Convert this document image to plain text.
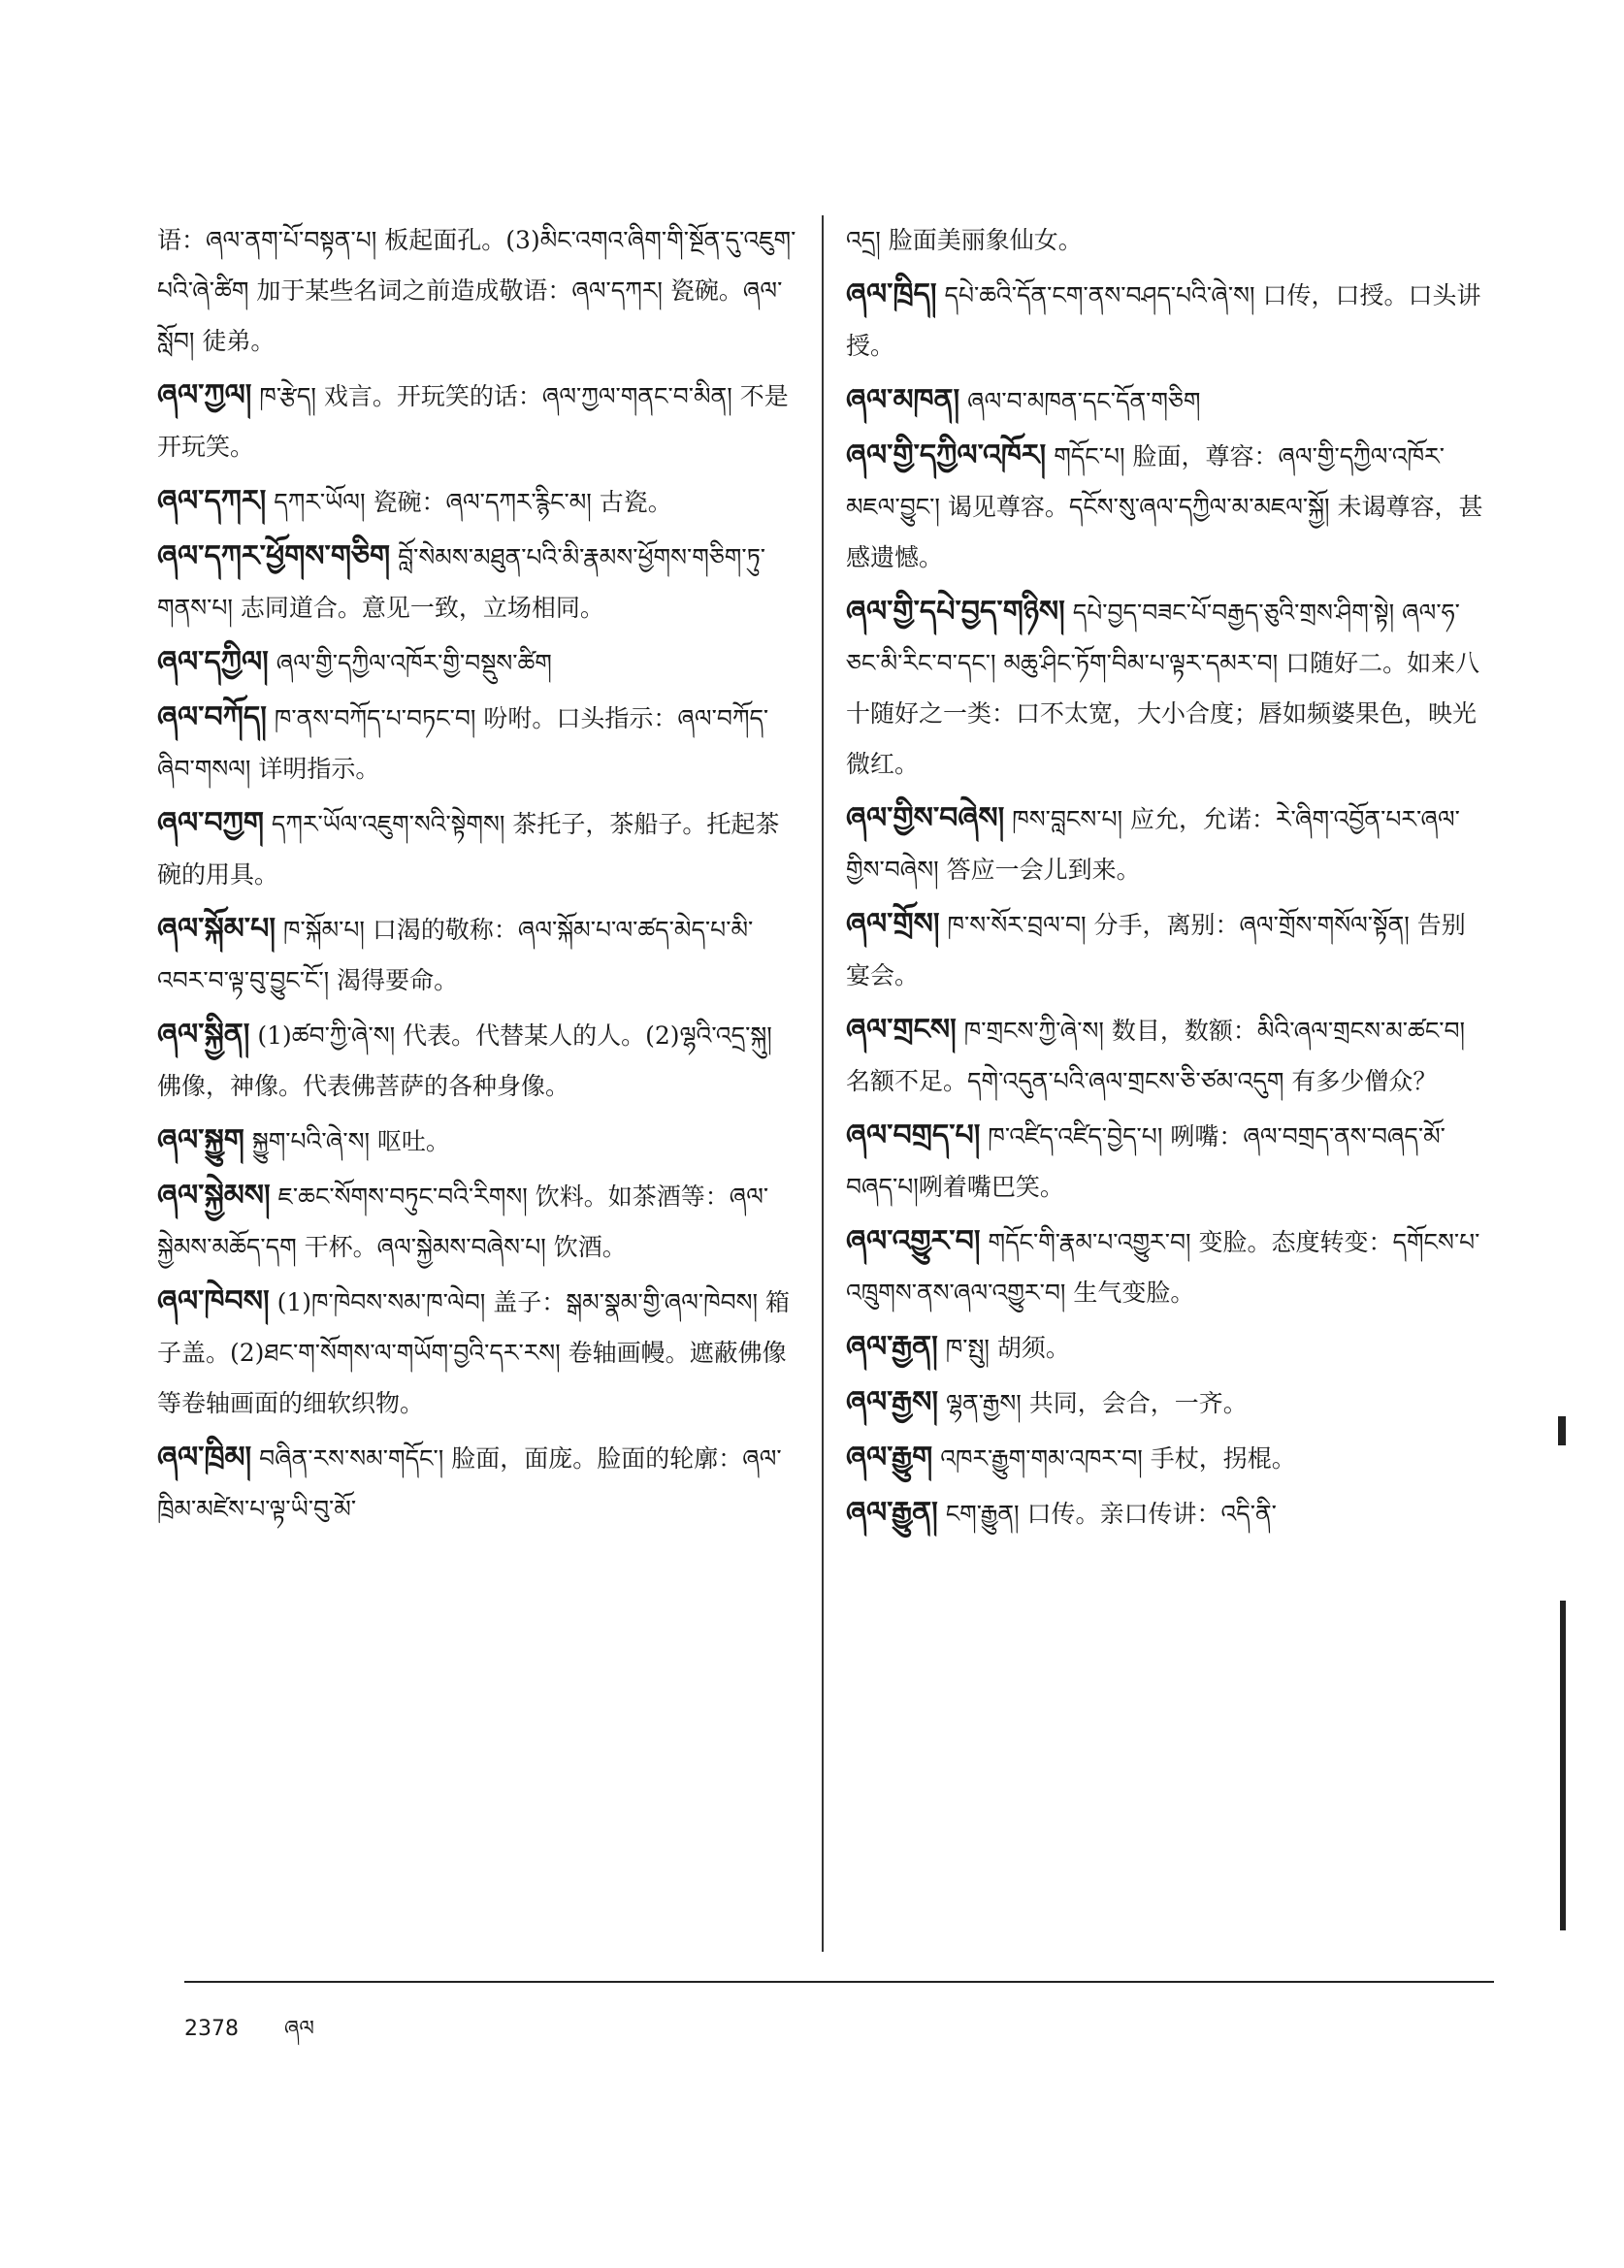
语：ཞལ་ནག་པོ་བསྟན་པ། 板起面孔。(3)མིང་འགའ་ཞིག་གི་སྔོན་དུ་འཇུག་པའི་ཞེ་ཚིག 加于某些名词之前造成敬语：ཞལ་དཀར། 瓷碗。ཞལ་སློབ། 徒弟。
ཞལ་ཀྱལ། ཁ་རྩེད། 戏言。开玩笑的话：ཞལ་ཀྱལ་གནང་བ་མིན། 不是开玩笑。
ཞལ་དཀར། དཀར་ཡོལ། 瓷碗：ཞལ་དཀར་རྙིང་མ། 古瓷。
ཞལ་དཀར་ཕྱོགས་གཅིག བློ་སེམས་མཐུན་པའི་མི་རྣམས་ཕྱོགས་གཅིག་ཏུ་གནས་པ། 志同道合。意见一致，立场相同。
ཞལ་དཀྱིལ། ཞལ་གྱི་དཀྱིལ་འཁོར་གྱི་བསྡུས་ཚིག
ཞལ་བཀོད། ཁ་ནས་བཀོད་པ་བཏང་བ། 吩咐。口头指示：ཞལ་བཀོད་ཞིབ་གསལ། 详明指示。
ཞལ་བཀྱག དཀར་ཡོལ་འཇུག་སའི་སྟེགས། 茶托子，茶船子。托起茶碗的用具。
ཞལ་སྐོམ་པ། ཁ་སྐོམ་པ། 口渴的敬称：ཞལ་སྐོམ་པ་ལ་ཚད་མེད་པ་མི་འབར་བ་ལྟ་བུ་བྱུང་ངོ་། 渴得要命。
ཞལ་སྐྱིན། (1)ཚབ་ཀྱི་ཞེ་ས། 代表。代替某人的人。(2)ལྷའི་འདྲ་སྐུ། 佛像，神像。代表佛菩萨的各种身像。
ཞལ་སྐྱུག སྐྱུག་པའི་ཞེ་ས། 呕吐。
ཞལ་སྐྱེམས། ཇ་ཆང་སོགས་བཏུང་བའི་རིགས། 饮料。如茶酒等：ཞལ་སྐྱེམས་མཆོད་དག 干杯。ཞལ་སྐྱེམས་བཞེས་པ། 饮酒。
ཞལ་ཁེབས། (1)ཁ་ཁེབས་སམ་ཁ་ལེབ། 盖子：སྒམ་སྣམ་གྱི་ཞལ་ཁེབས། 箱子盖。(2)ཐང་ག་སོགས་ལ་གཡོག་བྱའི་དར་རས། 卷轴画幔。遮蔽佛像等卷轴画面的细软织物。
ཞལ་ཁྲིམ། བཞིན་རས་སམ་གདོང་། 脸面，面庞。脸面的轮廓：ཞལ་ཁྲིམ་མཛེས་པ་ལྟ་ཡི་བུ་མོ་
འདྲ། 脸面美丽象仙女。
ཞལ་ཁྲིད། དཔེ་ཆའི་དོན་ངག་ནས་བཤད་པའི་ཞེ་ས། 口传，口授。口头讲授。
ཞལ་མཁན། ཞལ་བ་མཁན་དང་དོན་གཅིག
ཞལ་གྱི་དཀྱིལ་འཁོར། གདོང་པ། 脸面，尊容：ཞལ་གྱི་དཀྱིལ་འཁོར་མཇལ་བྱུང་། 谒见尊容。དངོས་སུ་ཞལ་དཀྱིལ་མ་མཇལ་སྐྱོ། 未谒尊容，甚感遗憾。
ཞལ་གྱི་དཔེ་བྱད་གཉིས། དཔེ་བྱད་བཟང་པོ་བརྒྱད་ཅུའི་གྲས་ཤིག་སྟེ། ཞལ་ཧ་ཅང་མི་རིང་བ་དང་། མཆུ་ཤིང་ཏོག་བིམ་པ་ལྟར་དམར་བ། 口随好二。如来八十随好之一类：口不太宽，大小合度；唇如频婆果色，映光微红。
ཞལ་གྱིས་བཞེས། ཁས་བླངས་པ། 应允，允诺：རེ་ཞིག་འབྱོན་པར་ཞལ་གྱིས་བཞེས། 答应一会儿到来。
ཞལ་གྲོས། ཁ་ས་སོར་བྲལ་བ། 分手，离别：ཞལ་གྲོས་གསོལ་སྟོན། 告别宴会。
ཞལ་གྲངས། ཁ་གྲངས་ཀྱི་ཞེ་ས། 数目，数额：མིའི་ཞལ་གྲངས་མ་ཚང་བ། 名额不足。དགེ་འདུན་པའི་ཞལ་གྲངས་ཅི་ཙམ་འདུག 有多少僧众？
ཞལ་བགྲད་པ། ཁ་འཛིད་འཛིད་བྱེད་པ། 咧嘴：ཞལ་བགྲད་ནས་བཞད་མོ་བཞད་པ།咧着嘴巴笑。
ཞལ་འགྱུར་བ། གདོང་གི་རྣམ་པ་འགྱུར་བ། 变脸。态度转变：དགོངས་པ་འཁྲུགས་ནས་ཞལ་འགྱུར་བ། 生气变脸。
ཞལ་རྒྱན། ཁ་སྤུ། 胡须。
ཞལ་རྒྱས། ལྷན་རྒྱས། 共同，会合，一齐。
ཞལ་རྒྱུག འཁར་རྒྱུག་གམ་འཁར་བ། 手杖，拐棍。
ཞལ་རྒྱུན། ངག་རྒྱུན། 口传。亲口传讲：འདི་ནི་
2378 ཞལ
